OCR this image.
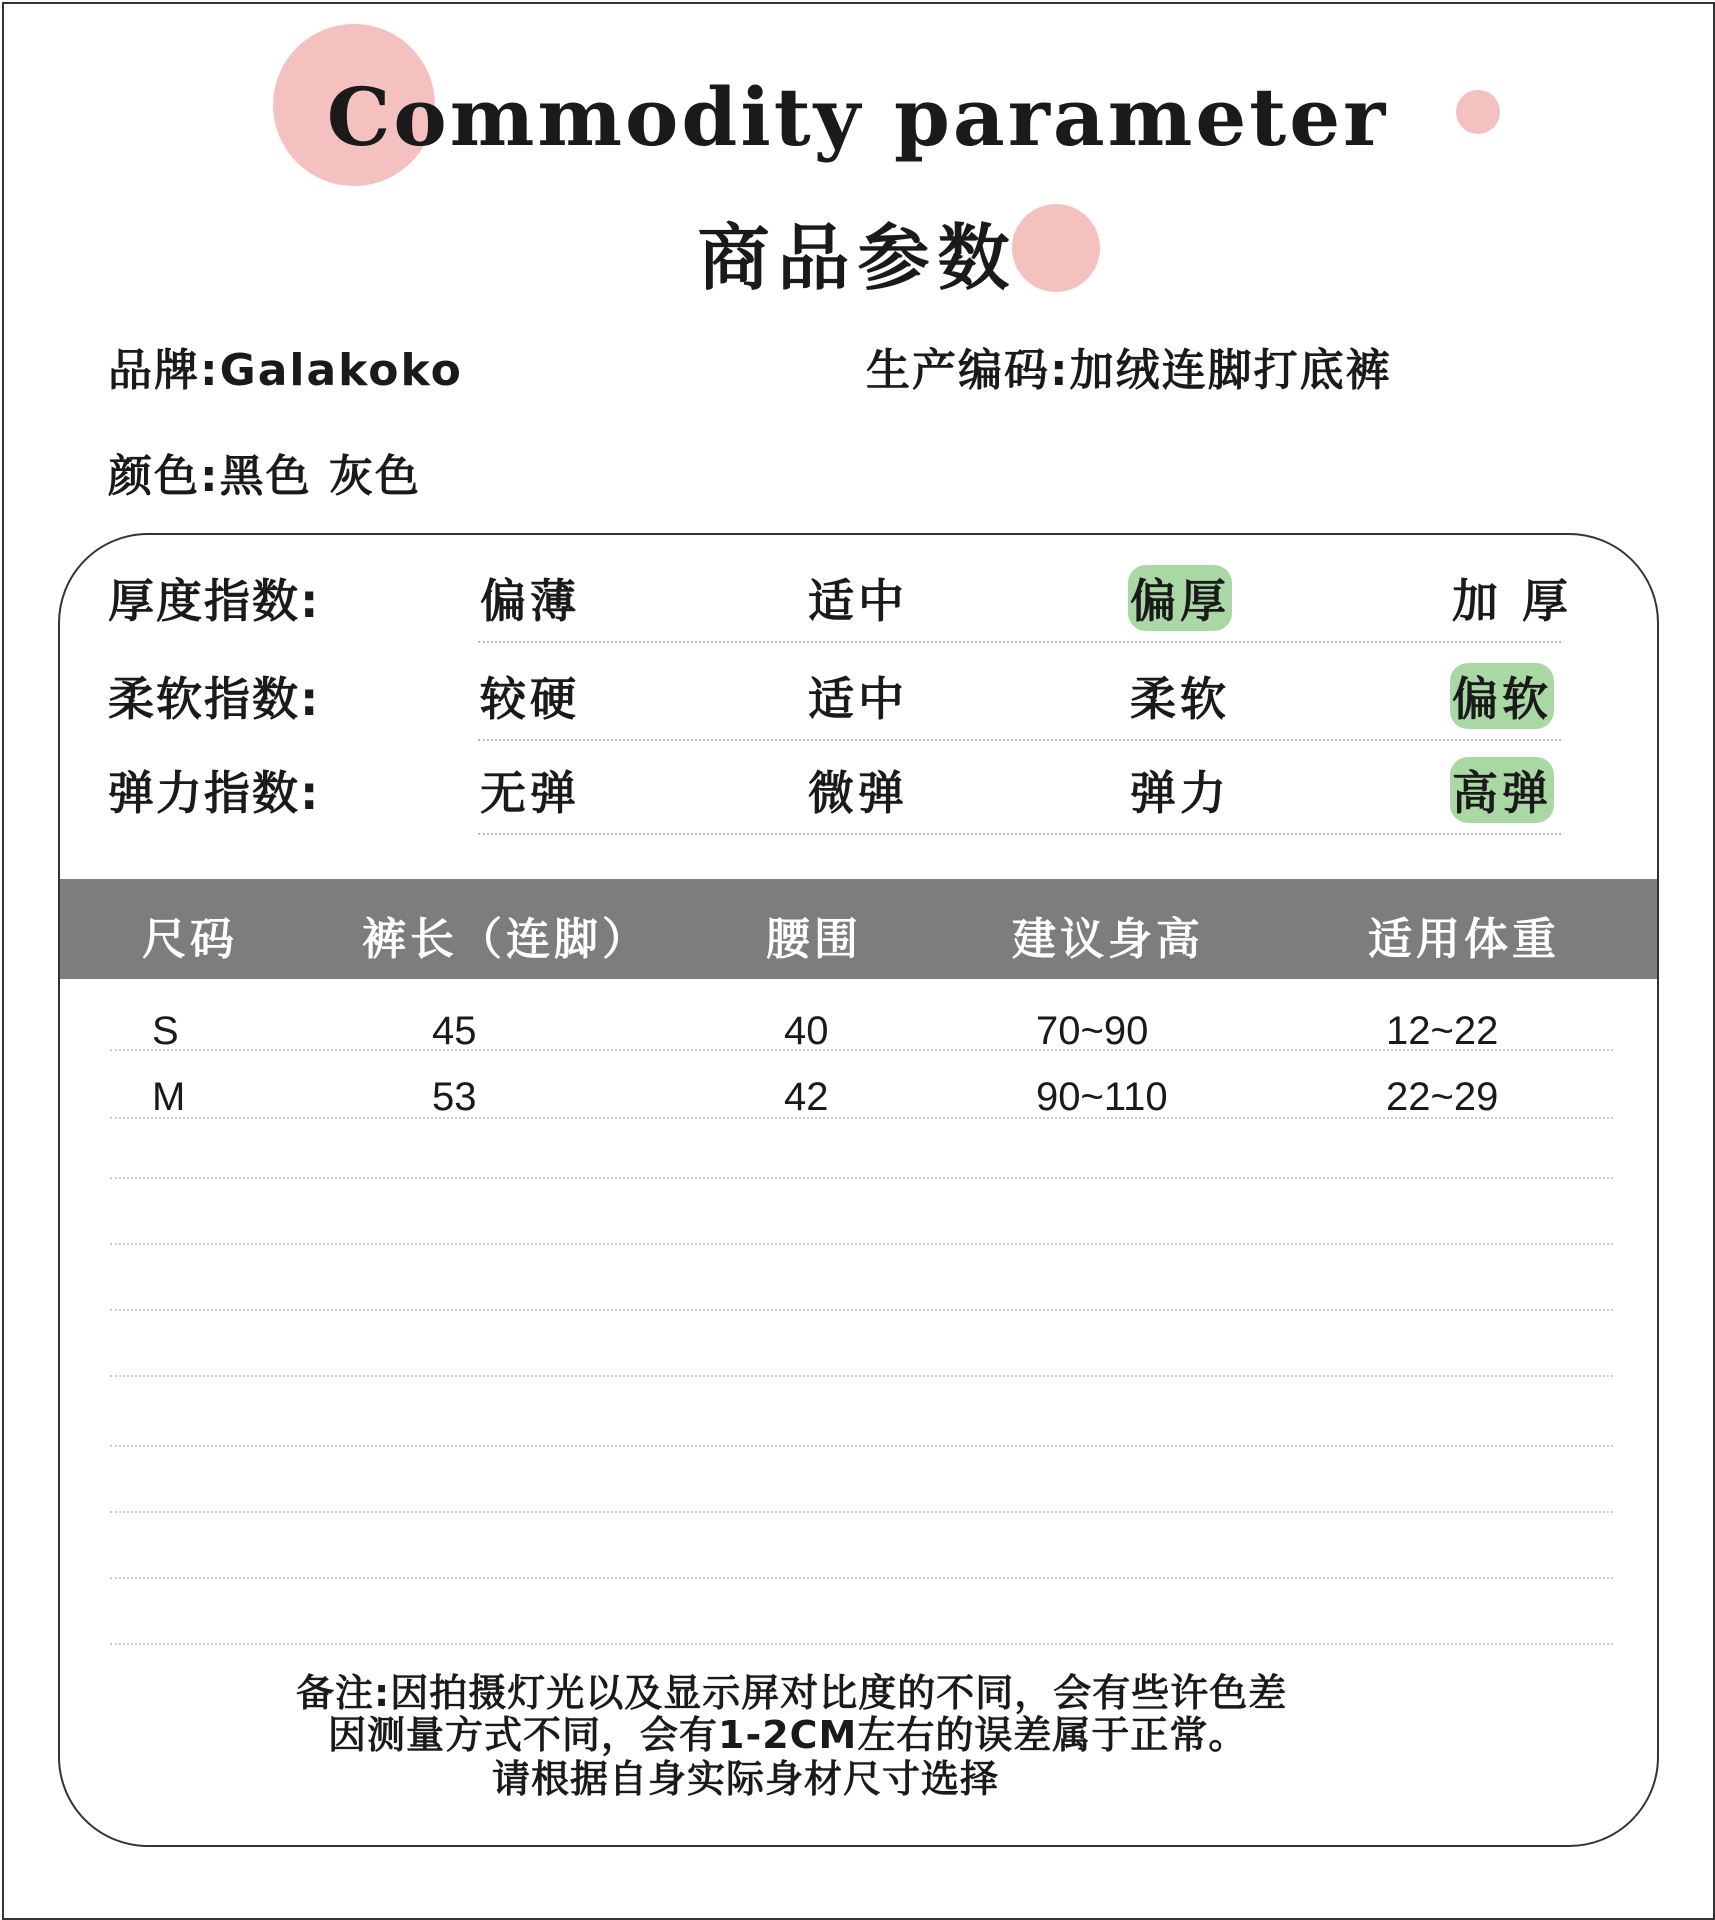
Commodity parameter
商品参数
品牌:Galakoko	生产编码:加绒连脚打底裤
颜色:黑色 灰色
厚度指数:	偏薄	适中	偏厚	加 厚
柔软指数:	较硬	适中	柔软	偏软
弹力指数:	无弹	微弹	弹力	高弹
尺码	裤长（连脚）	腰围	建议身高	适用体重
S	45	40	70~90	12~22
M	53	42	90~110	22~29
备注:因拍摄灯光以及显示屏对比度的不同，会有些许色差
因测量方式不同，会有1-2CM左右的误差属于正常。
请根据自身实际身材尺寸选择
